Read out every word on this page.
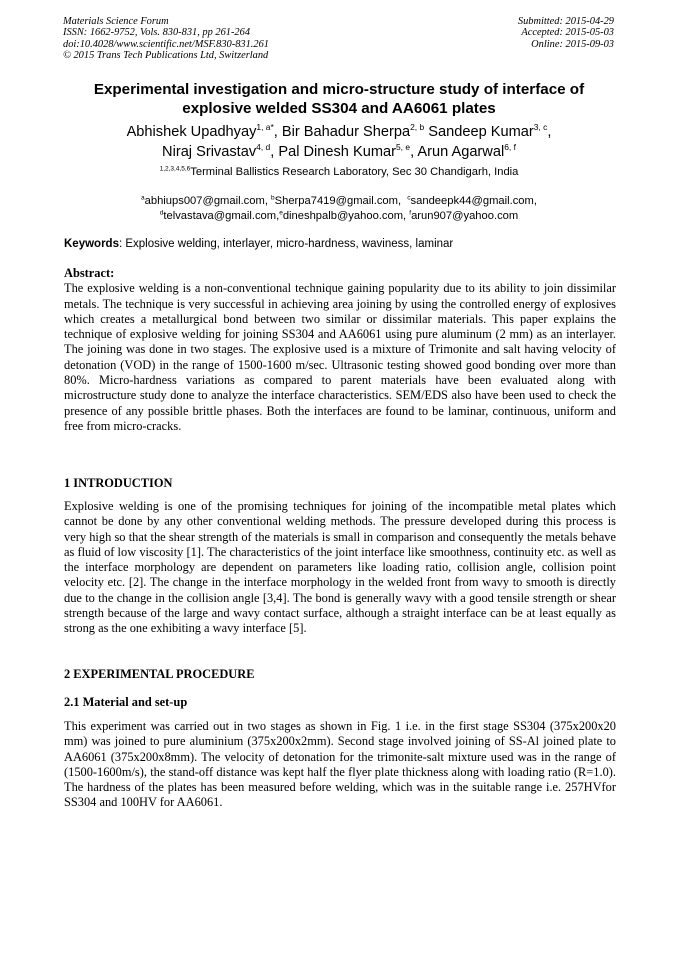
Materials Science Forum
ISSN: 1662-9752, Vols. 830-831, pp 261-264
doi:10.4028/www.scientific.net/MSF.830-831.261
© 2015 Trans Tech Publications Ltd, Switzerland
Submitted: 2015-04-29
Accepted: 2015-05-03
Online: 2015-09-03
Experimental investigation and micro-structure study of interface of
explosive welded SS304 and AA6061 plates
Abhishek Upadhyay$^{1, a*}$, Bir Bahadur Sherpa$^{2, b}$ Sandeep Kumar$^{3, c}$,
Niraj Srivastav$^{4, d}$, Pal Dinesh Kumar$^{5, e}$, Arun Agarwal$^{6, f}$
$^{1,2,3,4,5,6}$Terminal Ballistics Research Laboratory, Sec 30 Chandigarh, India
$^a$abhiups007@gmail.com, $^b$Sherpa7419@gmail.com,  $^c$sandeepk44@gmail.com,
$^d$telvastava@gmail.com,$^e$dineshpalb@yahoo.com, $^f$arun907@yahoo.com
Keywords: Explosive welding, interlayer, micro-hardness, waviness, laminar
Abstract:
The explosive welding is a non-conventional technique gaining popularity due to its ability to join dissimilar metals. The technique is very successful in achieving area joining by using the controlled energy of explosives which creates a metallurgical bond between two similar or dissimilar materials. This paper explains the technique of explosive welding for joining SS304 and AA6061 using pure aluminum (2 mm) as an interlayer. The joining was done in two stages. The explosive used is a mixture of Trimonite and salt having velocity of detonation (VOD) in the range of 1500-1600 m/sec. Ultrasonic testing showed good bonding over more than 80%. Micro-hardness variations as compared to parent materials have been evaluated along with microstructure study done to analyze the interface characteristics. SEM/EDS also have been used to check the presence of any possible brittle phases. Both the interfaces are found to be laminar, continuous, uniform and free from micro-cracks.
1 INTRODUCTION
Explosive welding is one of the promising techniques for joining of the incompatible metal plates which cannot be done by any other conventional welding methods. The pressure developed during this process is very high so that the shear strength of the materials is small in comparison and consequently the metals behave as fluid of low viscosity [1]. The characteristics of the joint interface like smoothness, continuity etc. as well as the interface morphology are dependent on parameters like loading ratio, collision angle, collision point velocity etc. [2]. The change in the interface morphology in the welded front from wavy to smooth is directly due to the change in the collision angle [3,4]. The bond is generally wavy with a good tensile strength or shear strength because of the large and wavy contact surface, although a straight interface can be at least equally as strong as the one exhibiting a wavy interface [5].
2 EXPERIMENTAL PROCEDURE
2.1 Material and set-up
This experiment was carried out in two stages as shown in Fig. 1 i.e. in the first stage SS304 (375x200x20 mm) was joined to pure aluminium (375x200x2mm). Second stage involved joining of SS-Al joined plate to AA6061 (375x200x8mm). The velocity of detonation for the trimonite-salt mixture used was in the range of (1500-1600m/s), the stand-off distance was kept half the flyer plate thickness along with loading ratio (R=1.0). The hardness of the plates has been measured before welding, which was in the suitable range i.e. 257HVfor SS304 and 100HV for AA6061.
